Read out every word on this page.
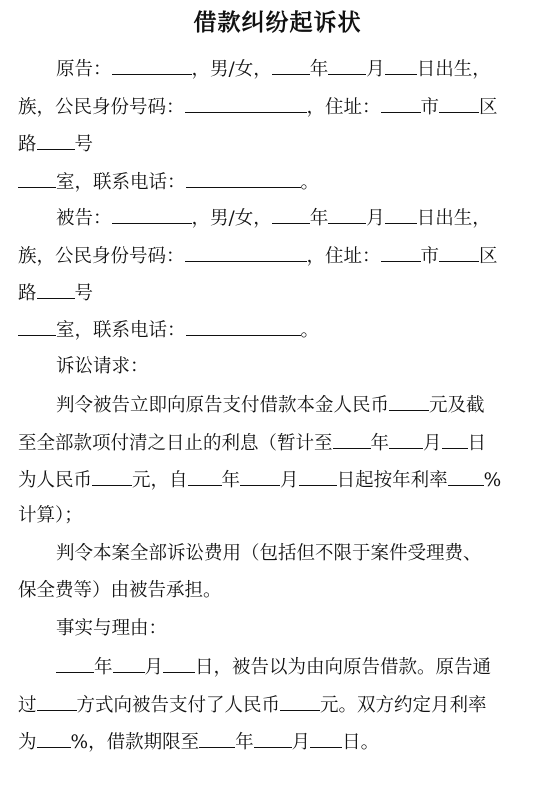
借款纠纷起诉状
原告：	，男/女， 年 月 日出生，
族，公民身份号码：	，住址： 市 区
路 号
室，联系电话：	。
被告：	，男/女， 年 月 日出生，
族，公民身份号码：	，住址： 市 区
路 号
室，联系电话：	。
诉讼请求：
判令被告立即向原告支付借款本金人民币 元及截
至全部款项付清之日止的利息（暂计至 年 月 日
为人民币 元，自 年 月 日起按年利率 %
计算）；
判令本案全部诉讼费用（包括但不限于案件受理费、
保全费等）由被告承担。
事实与理由：
年 月 日，被告以为由向原告借款。原告通
过 方式向被告支付了人民币 元。双方约定月利率
为 %，借款期限至 年 月 日。
